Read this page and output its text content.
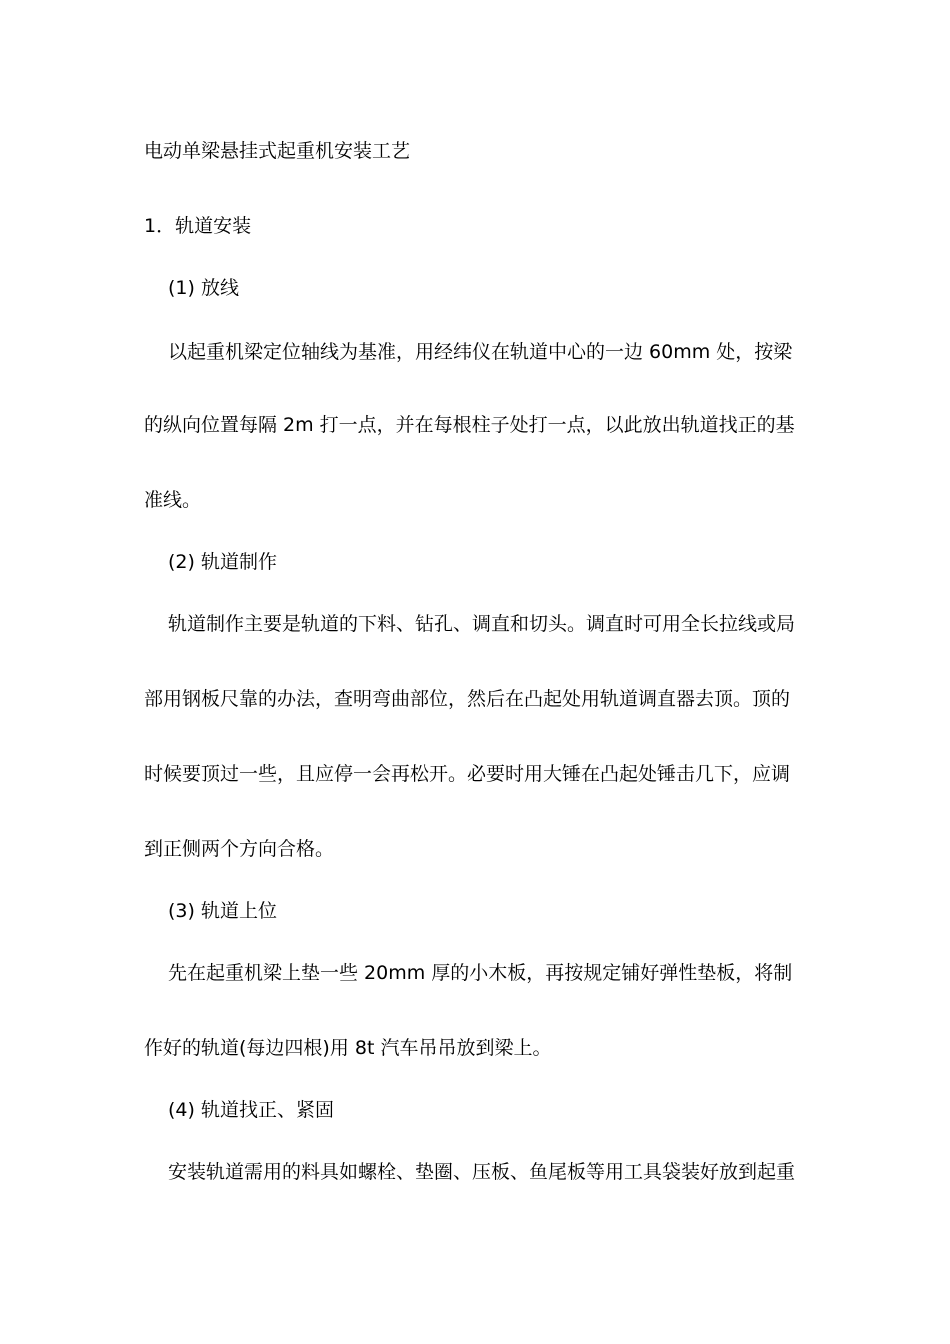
电动单梁悬挂式起重机安装工艺
1．轨道安装
(1) 放线
以起重机梁定位轴线为基准，用经纬仪在轨道中心的一边 60mm 处，按梁
的纵向位置每隔 2m 打一点，并在每根柱子处打一点，以此放出轨道找正的基
准线。
(2) 轨道制作
轨道制作主要是轨道的下料、钻孔、调直和切头。调直时可用全长拉线或局
部用钢板尺靠的办法，查明弯曲部位，然后在凸起处用轨道调直器去顶。顶的
时候要顶过一些，且应停一会再松开。必要时用大锤在凸起处锤击几下，应调
到正侧两个方向合格。
(3) 轨道上位
先在起重机梁上垫一些 20mm 厚的小木板，再按规定铺好弹性垫板，将制
作好的轨道(每边四根)用 8t 汽车吊吊放到梁上。
(4) 轨道找正、紧固
安装轨道需用的料具如螺栓、垫圈、压板、鱼尾板等用工具袋装好放到起重
